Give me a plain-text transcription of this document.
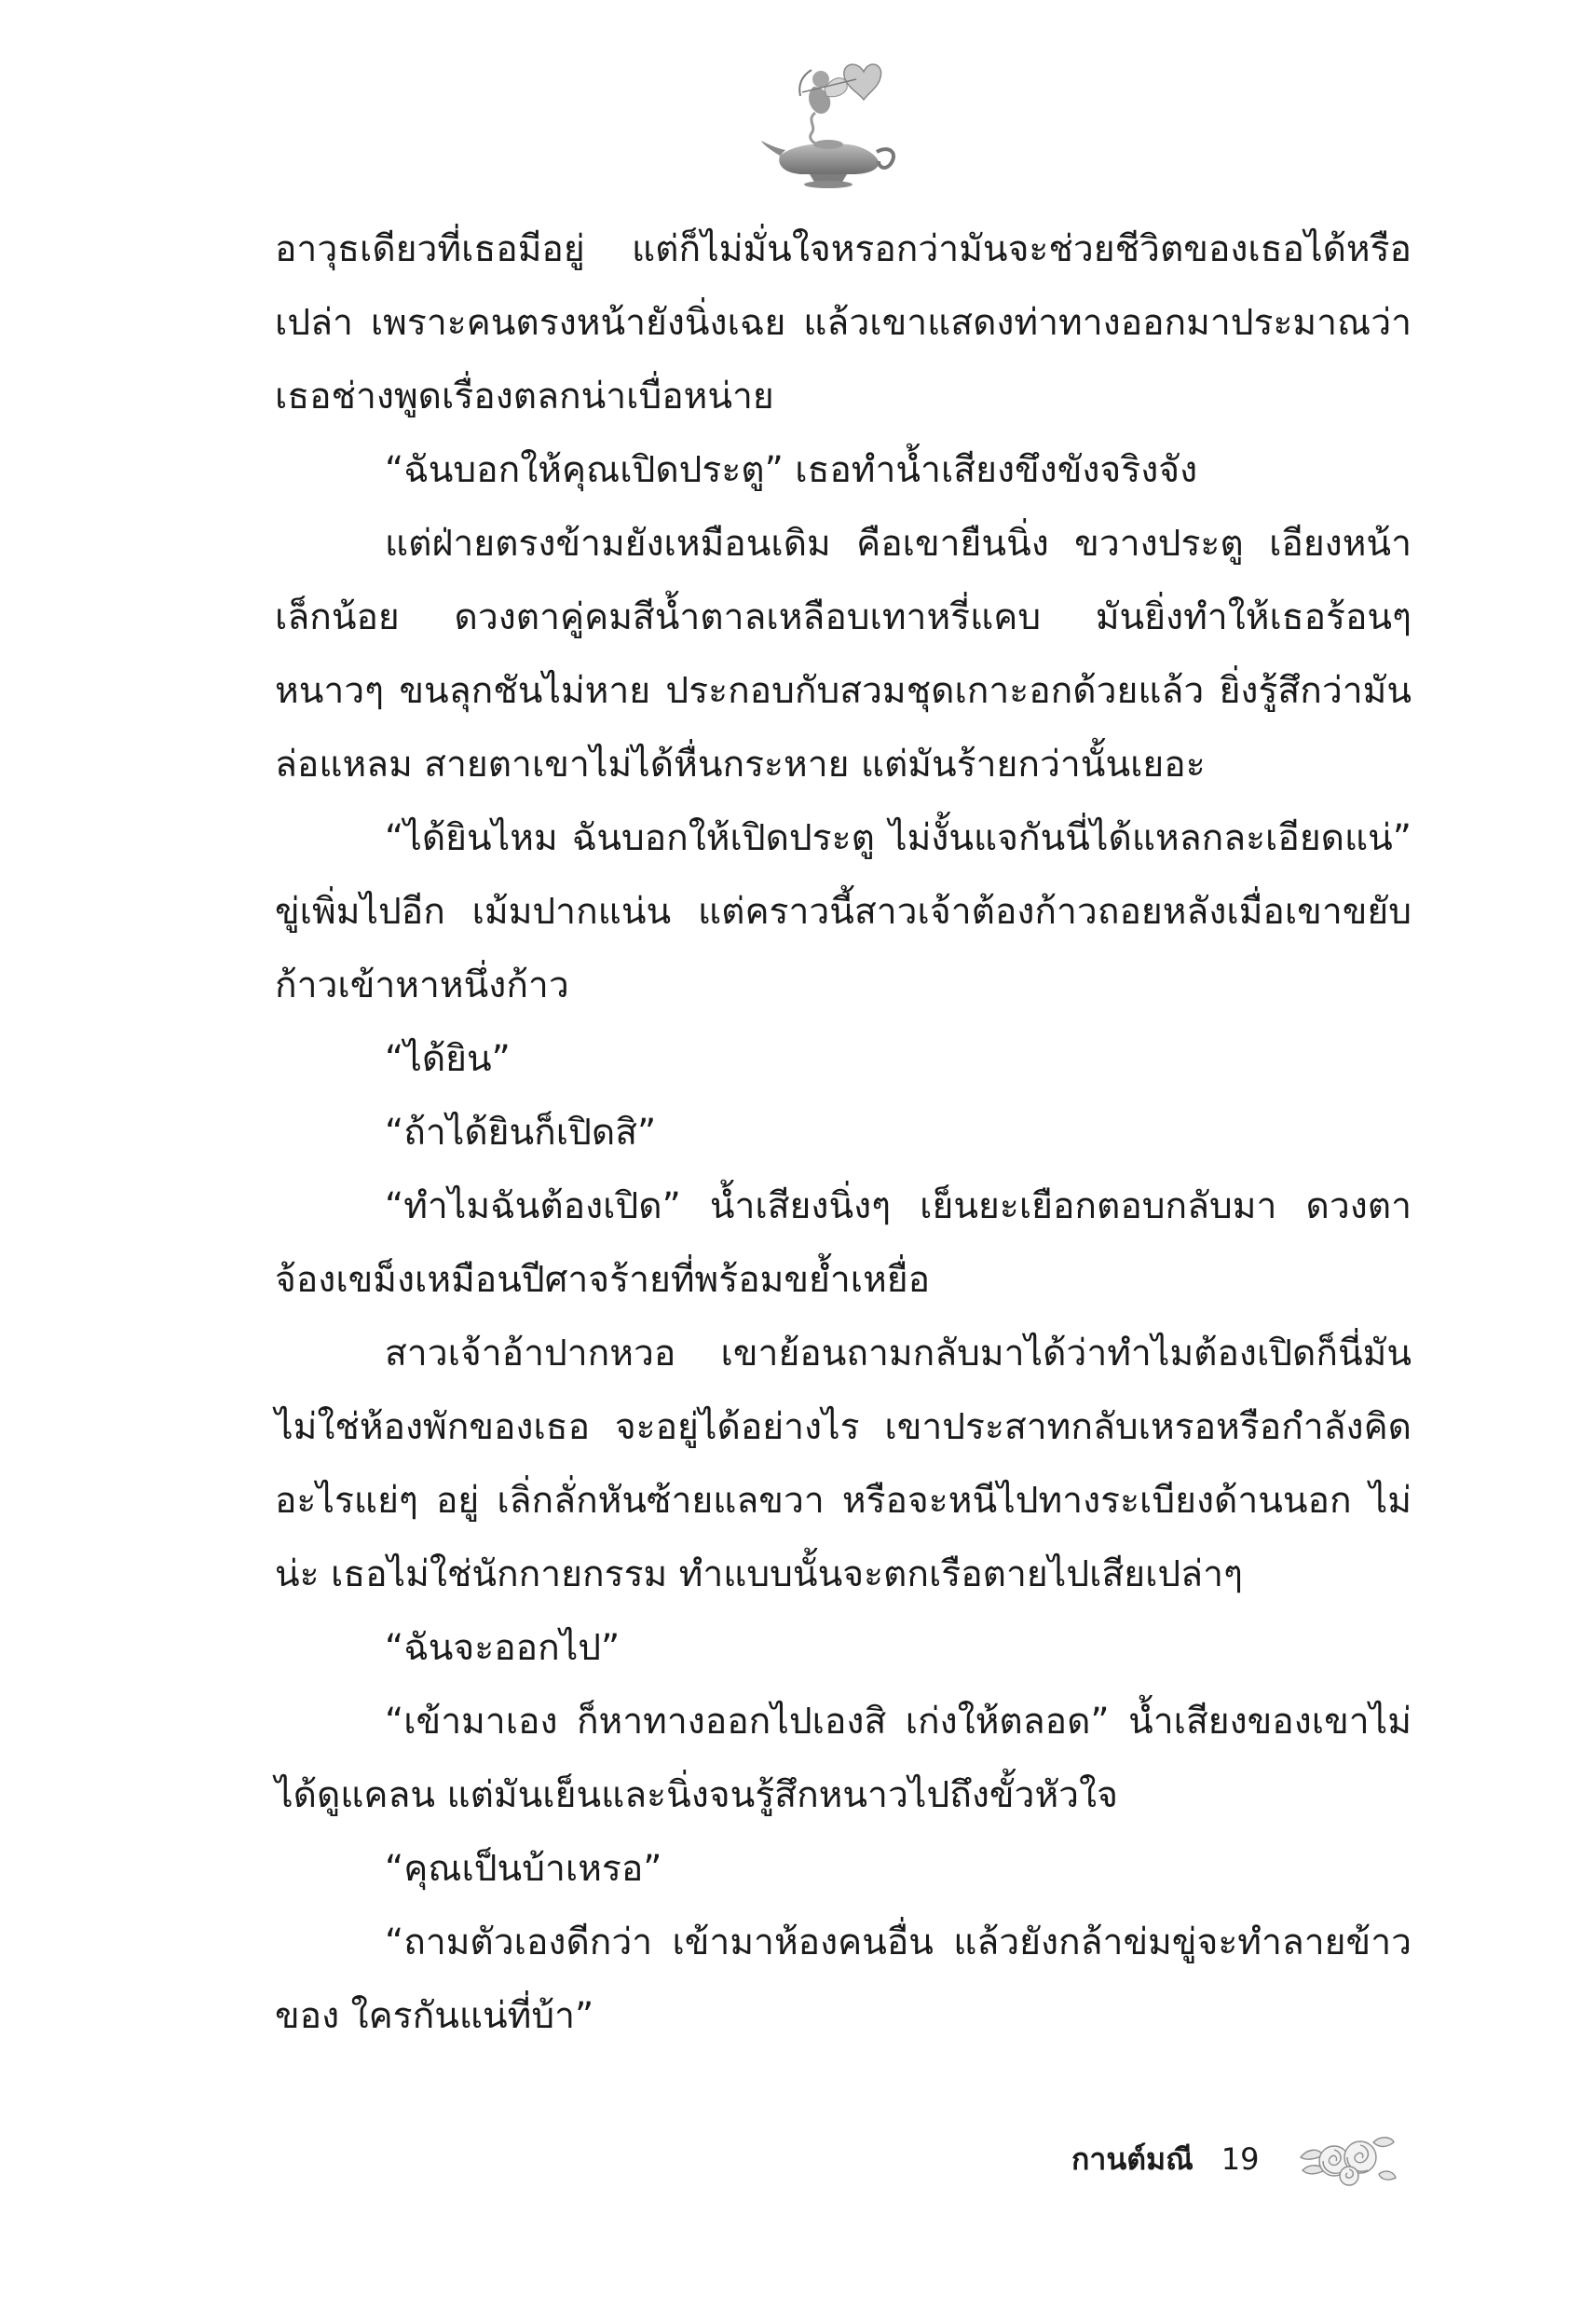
อาวุธเดียวที่เธอมีอยู่ แต่ก็ไม่มั่นใจหรอกว่ามันจะช่วยชีวิตของเธอได้หรือเปล่า เพราะคนตรงหน้ายังนิ่งเฉย แล้วเขาแสดงท่าทางออกมาประมาณว่าเธอช่างพูดเรื่องตลกน่าเบื่อหน่าย

“ฉันบอกให้คุณเปิดประตู” เธอทำน้ำเสียงขึงขังจริงจัง

แต่ฝ่ายตรงข้ามยังเหมือนเดิม คือเขายืนนิ่ง ขวางประตู เอียงหน้าเล็กน้อย ดวงตาคู่คมสีน้ำตาลเหลือบเทาหรี่แคบ มันยิ่งทำให้เธอร้อนๆ หนาวๆ ขนลุกชันไม่หาย ประกอบกับสวมชุดเกาะอกด้วยแล้ว ยิ่งรู้สึกว่ามันล่อแหลม สายตาเขาไม่ได้หื่นกระหาย แต่มันร้ายกว่านั้นเยอะ

“ได้ยินไหม ฉันบอกให้เปิดประตู ไม่งั้นแจกันนี่ได้แหลกละเอียดแน่” ขู่เพิ่มไปอีก เม้มปากแน่น แต่คราวนี้สาวเจ้าต้องก้าวถอยหลังเมื่อเขาขยับก้าวเข้าหาหนึ่งก้าว

“ได้ยิน”

“ถ้าได้ยินก็เปิดสิ”

“ทำไมฉันต้องเปิด” น้ำเสียงนิ่งๆ เย็นยะเยือกตอบกลับมา ดวงตาจ้องเขม็งเหมือนปีศาจร้ายที่พร้อมขย้ำเหยื่อ

สาวเจ้าอ้าปากหวอ เขาย้อนถามกลับมาได้ว่าทำไมต้องเปิดก็นี่มันไม่ใช่ห้องพักของเธอ จะอยู่ได้อย่างไร เขาประสาทกลับเหรอหรือกำลังคิดอะไรแย่ๆ อยู่ เลิ่กลั่กหันซ้ายแลขวา หรือจะหนีไปทางระเบียงด้านนอก ไม่น่ะ เธอไม่ใช่นักกายกรรม ทำแบบนั้นจะตกเรือตายไปเสียเปล่าๆ

“ฉันจะออกไป”

“เข้ามาเอง ก็หาทางออกไปเองสิ เก่งให้ตลอด” น้ำเสียงของเขาไม่ได้ดูแคลน แต่มันเย็นและนิ่งจนรู้สึกหนาวไปถึงขั้วหัวใจ

“คุณเป็นบ้าเหรอ”

“ถามตัวเองดีกว่า เข้ามาห้องคนอื่น แล้วยังกล้าข่มขู่จะทำลายข้าวของ ใครกันแน่ที่บ้า”

กานต์มณี 19
